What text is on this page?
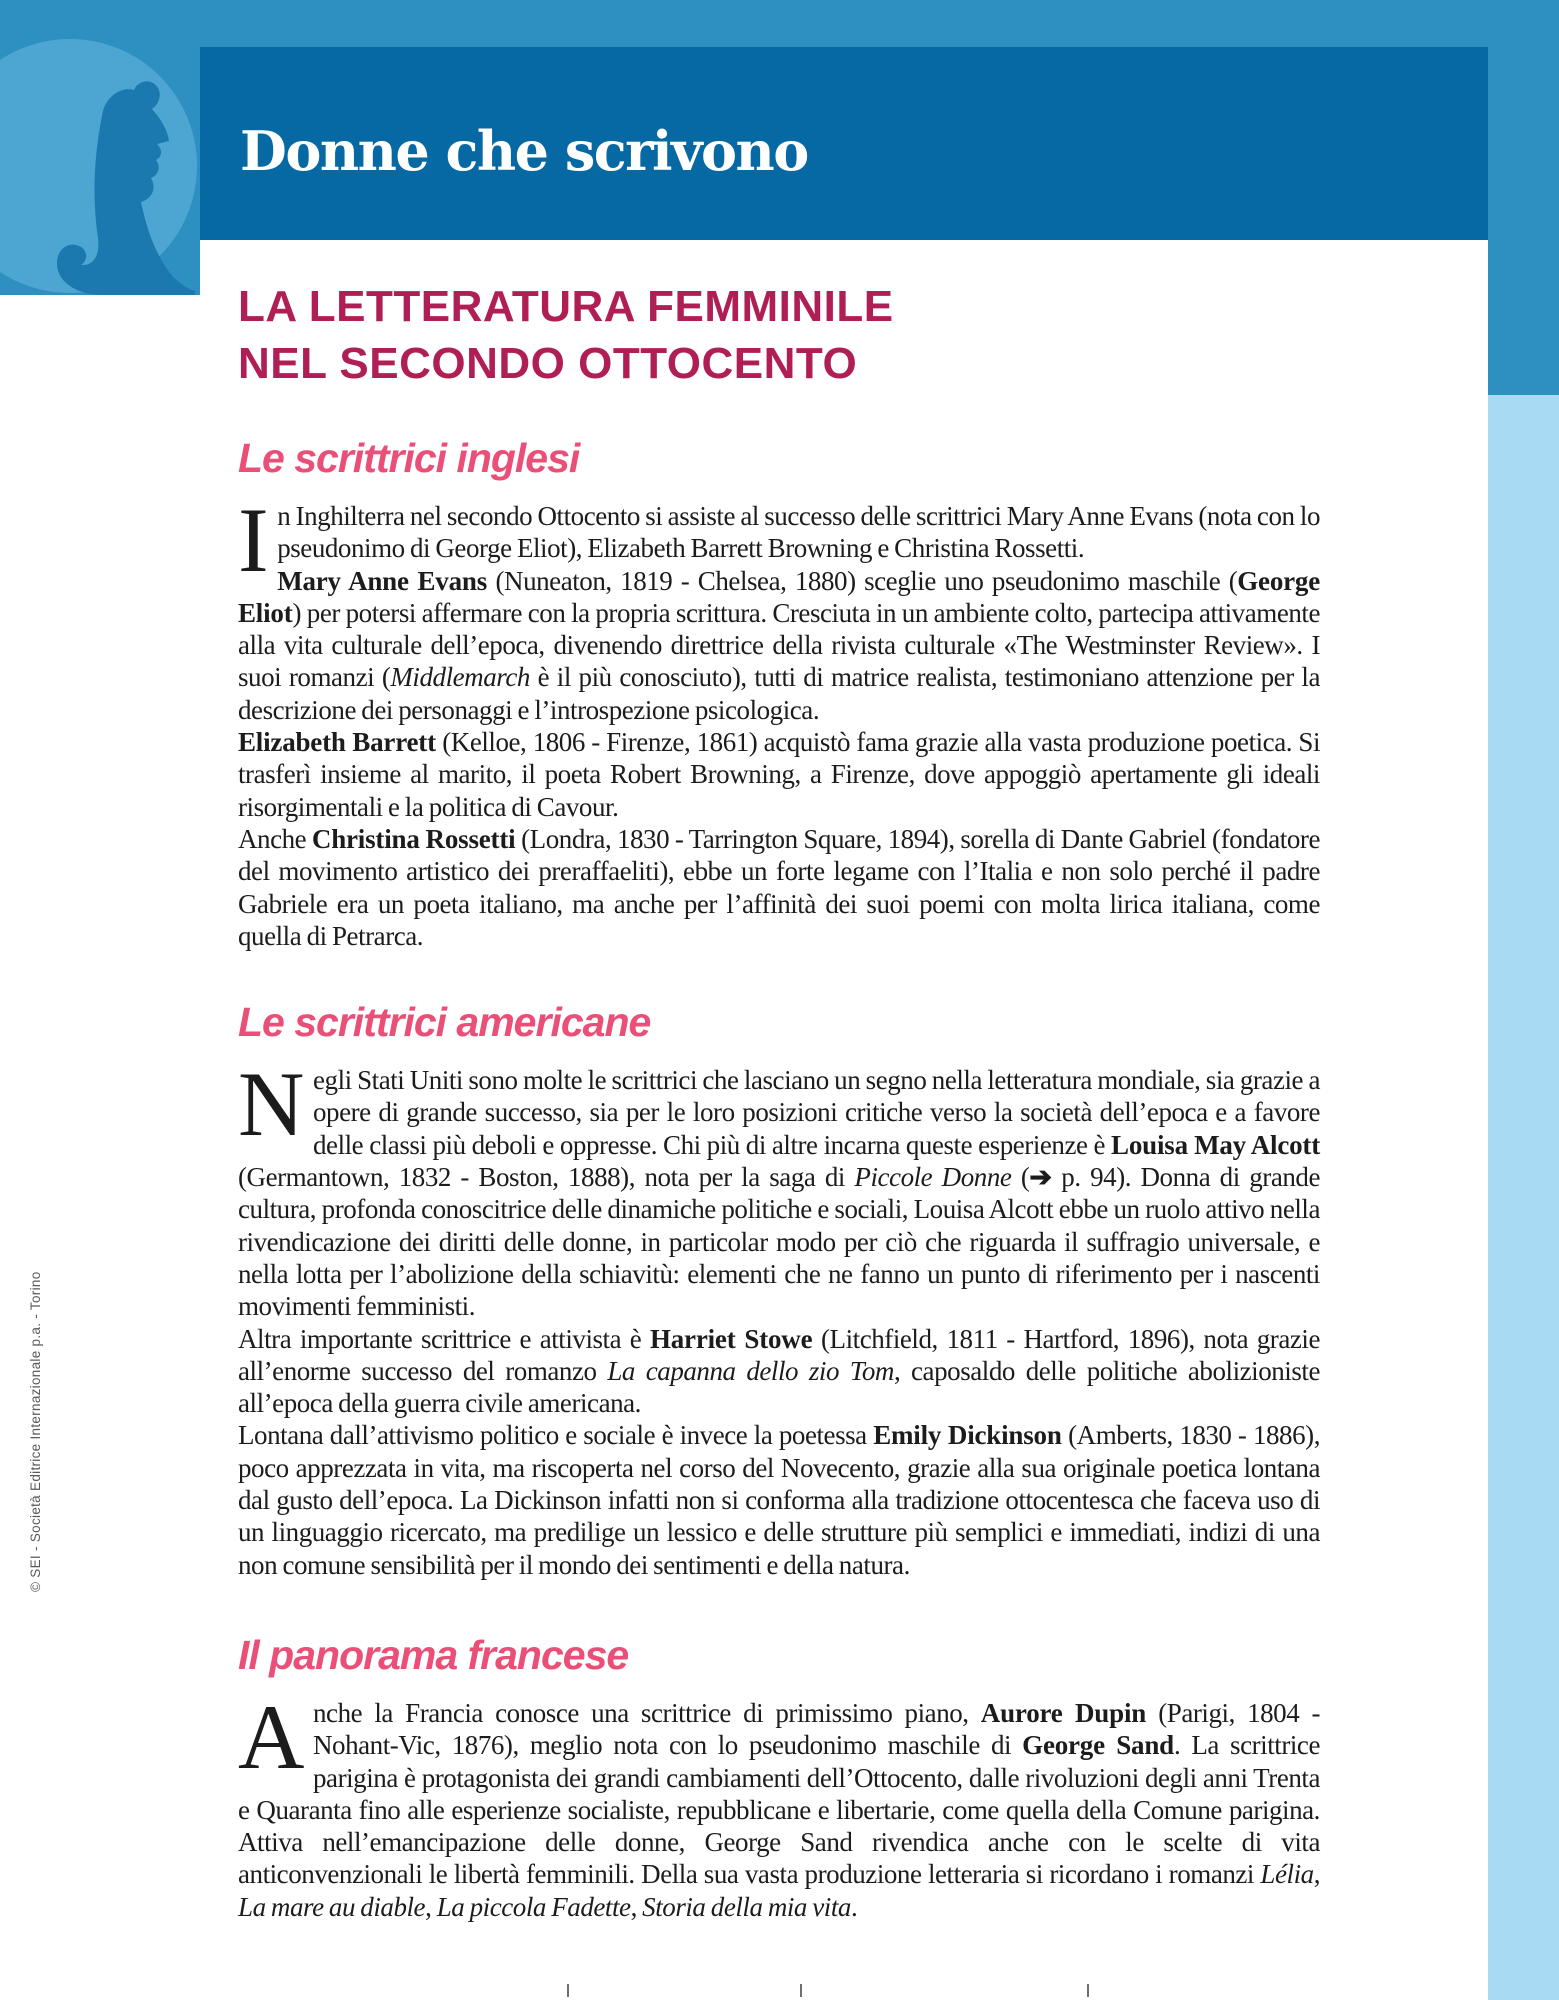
Donne che scrivono
LA LETTERATURA FEMMINILE
NEL SECONDO OTTOCENTO
Le scrittrici inglesi

In Inghilterra nel secondo Ottocento si assiste al successo delle scrittrici Mary Anne Evans (nota con lo pseudonimo di George Eliot), Elizabeth Barrett Browning e Christina Rossetti.

Mary Anne Evans (Nuneaton, 1819 - Chelsea, 1880) sceglie uno pseudonimo maschile (George Eliot) per potersi affermare con la propria scrittura. Cresciuta in un ambiente colto, partecipa attivamente alla vita culturale dell’epoca, divenendo direttrice della rivista culturale «The Westminster Review». I suoi romanzi (Middlemarch è il più conosciuto), tutti di matrice realista, testimoniano attenzione per la descrizione dei personaggi e l’introspezione psicologica.

Elizabeth Barrett (Kelloe, 1806 - Firenze, 1861) acquistò fama grazie alla vasta produzione poetica. Si trasferì insieme al marito, il poeta Robert Browning, a Firenze, dove appoggiò apertamente gli ideali risorgimentali e la politica di Cavour.

Anche Christina Rossetti (Londra, 1830 - Tarrington Square, 1894), sorella di Dante Gabriel (fondatore del movimento artistico dei preraffaeliti), ebbe un forte legame con l’Italia e non solo perché il padre Gabriele era un poeta italiano, ma anche per l’affinità dei suoi poemi con molta lirica italiana, come quella di Petrarca.

Le scrittrici americane

Negli Stati Uniti sono molte le scrittrici che lasciano un segno nella letteratura mondiale, sia grazie a opere di grande successo, sia per le loro posizioni critiche verso la società dell’epoca e a favore delle classi più deboli e oppresse. Chi più di altre incarna queste esperienze è Louisa May Alcott (Germantown, 1832 - Boston, 1888), nota per la saga di Piccole Donne (➔ p. 94). Donna di grande cultura, profonda conoscitrice delle dinamiche politiche e sociali, Louisa Alcott ebbe un ruolo attivo nella rivendicazione dei diritti delle donne, in particolar modo per ciò che riguarda il suffragio universale, e nella lotta per l’abolizione della schiavitù: elementi che ne fanno un punto di riferimento per i nascenti movimenti femministi.

Altra importante scrittrice e attivista è Harriet Stowe (Litchfield, 1811 - Hartford, 1896), nota grazie all’enorme successo del romanzo La capanna dello zio Tom, caposaldo delle politiche abolizioniste all’epoca della guerra civile americana.

Lontana dall’attivismo politico e sociale è invece la poetessa Emily Dickinson (Amberts, 1830 - 1886), poco apprezzata in vita, ma riscoperta nel corso del Novecento, grazie alla sua originale poetica lontana dal gusto dell’epoca. La Dickinson infatti non si conforma alla tradizione ottocentesca che faceva uso di un linguaggio ricercato, ma predilige un lessico e delle strutture più semplici e immediati, indizi di una non comune sensibilità per il mondo dei sentimenti e della natura.

Il panorama francese

Anche la Francia conosce una scrittrice di primissimo piano, Aurore Dupin (Parigi, 1804 - Nohant-Vic, 1876), meglio nota con lo pseudonimo maschile di George Sand. La scrittrice parigina è protagonista dei grandi cambiamenti dell’Ottocento, dalle rivoluzioni degli anni Trenta e Quaranta fino alle esperienze socialiste, repubblicane e libertarie, come quella della Comune parigina. Attiva nell’emancipazione delle donne, George Sand rivendica anche con le scelte di vita anticonvenzionali le libertà femminili. Della sua vasta produzione letteraria si ricordano i romanzi Lélia, La mare au diable, La piccola Fadette, Storia della mia vita.

© SEI - Società Editrice Internazionale p.a. - Torino
